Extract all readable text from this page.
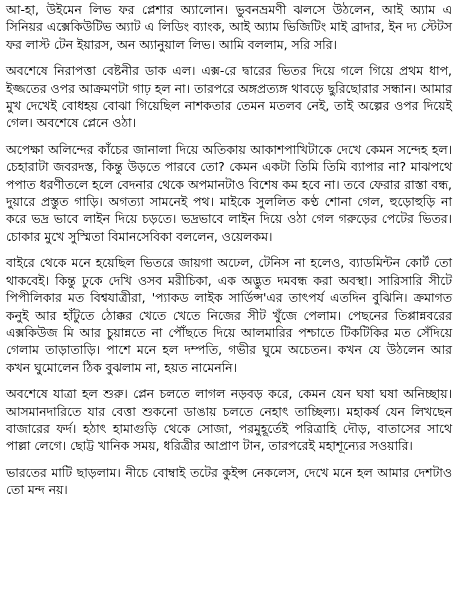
আ-হা, উইমেন লিভ ফর প্লেশার অ্যালোন। ভুবনভ্রমণী ঝলসে উঠলেন, আই অ্যাম এ সিনিয়র এক্সেকিউটিভ অ্যাট এ লিডিং ব্যাংক, আই অ্যাম ভিজিটিং মাই ব্রাদার, ইন দ্য স্টেটস ফর লাস্ট টেন ইয়ারস, অন অ্যানুয়াল লিভ। আমি বললাম, সরি সরি।

অবশেষে নিরাপত্তা বেষ্টনীর ডাক এল। এক্স-রে দ্বারের ভিতর দিয়ে গলে গিয়ে প্রথম ধাপ, ইজ্জতের ওপর আক্রমণটা গাঢ় হল না। তারপরে অঙ্গপ্রত্যঙ্গ থাবড়ে ছুরিছোরার সন্ধান। আমার মুখ দেখেই বোধহয় বোঝা গিয়েছিল নাশকতার তেমন মতলব নেই, তাই অল্পের ওপর দিয়েই গেল। অবশেষে প্লেনে ওঠা।

অপেক্ষা অলিন্দের কাঁচের জানালা দিয়ে অতিকায় আকাশপাখিটাকে দেখে কেমন সন্দেহ হল। চেহারাটা জবরদস্ত, কিন্তু উড়তে পারবে তো? কেমন একটা তিমি তিমি ব্যাপার না? মাঝপথে পপাত ধরণীতলে হলে বেদনার থেকে অপমানটাও বিশেষ কম হবে না। তবে ফেরার রাস্তা বন্ধ, দুয়ারে প্রস্তুত গাড়ি। অগত্যা সামনেই পথ। মাইকে সুললিত কণ্ঠ শোনা গেল, হুড়োহুড়ি না করে ভদ্র ভাবে লাইন দিয়ে চড়তে। ভদ্রভাবে লাইন দিয়ে ওঠা গেল গরুড়ের পেটের ভিতর। চোকার মুখে সুস্মিতা বিমানসেবিকা বললেন, ওয়েলকম।

বাইরে থেকে মনে হয়েছিল ভিতরে জায়গা অঢেল, টেনিস না হলেও, ব্যাডমিন্টন কোর্ট তো থাকবেই। কিন্তু ঢুকে দেখি ওসব মরীচিকা, এক অদ্ভুত দমবন্ধ করা অবস্থা। সারিসারি সীটে পিপীলিকার মত বিশ্বযাত্রীরা, 'প্যাকড লাইক সার্ডিন্স'এর তাৎপর্য এতদিন বুঝিনি। ক্রমাগত কনুই আর হাঁটুতে ঠোক্কর খেতে খেতে নিজের সীট খুঁজে পেলাম। পেছনের তিপ্পান্নবরের এক্সকিউজ মি আর চুয়ান্নতে না পৌঁছতে দিয়ে আলমারির পশ্চাতে টিকটিকির মত সেঁদিয়ে গেলাম তাড়াতাড়ি। পাশে মনে হল দম্পতি, গভীর ঘুমে অচেতন। কখন যে উঠলেন আর কখন ঘুমোলেন ঠিক বুঝলাম না, হয়ত নামেননি।

অবশেষে যাত্রা হল শুরু। প্লেন চলতে লাগল নড়বড় করে, কেমন যেন ঘষা ঘষা অনিচ্ছায়। আসমানদারিতে যার বেত্তা শুকনো ডাঙায় চলতে নেহাৎ তাচ্ছিল্য। মহাকর্ষ যেন লিখছেন বাজারের ফর্দ। হঠাৎ হামাগুড়ি থেকে সোজা, পরমুহূর্তেই পরিত্রাহি দৌড়, বাতাসের সাথে পাল্লা লেগে। ছোট্ট খানিক সময়, ধরিত্রীর আপ্রাণ টান, তারপরেই মহাশূন্যের সওয়ারি।

ভারতের মাটি ছাড়লাম। নীচে বোম্বাই তটের কুইন্স নেকলেস, দেখে মনে হল আমার দেশটাও তো মন্দ নয়।
